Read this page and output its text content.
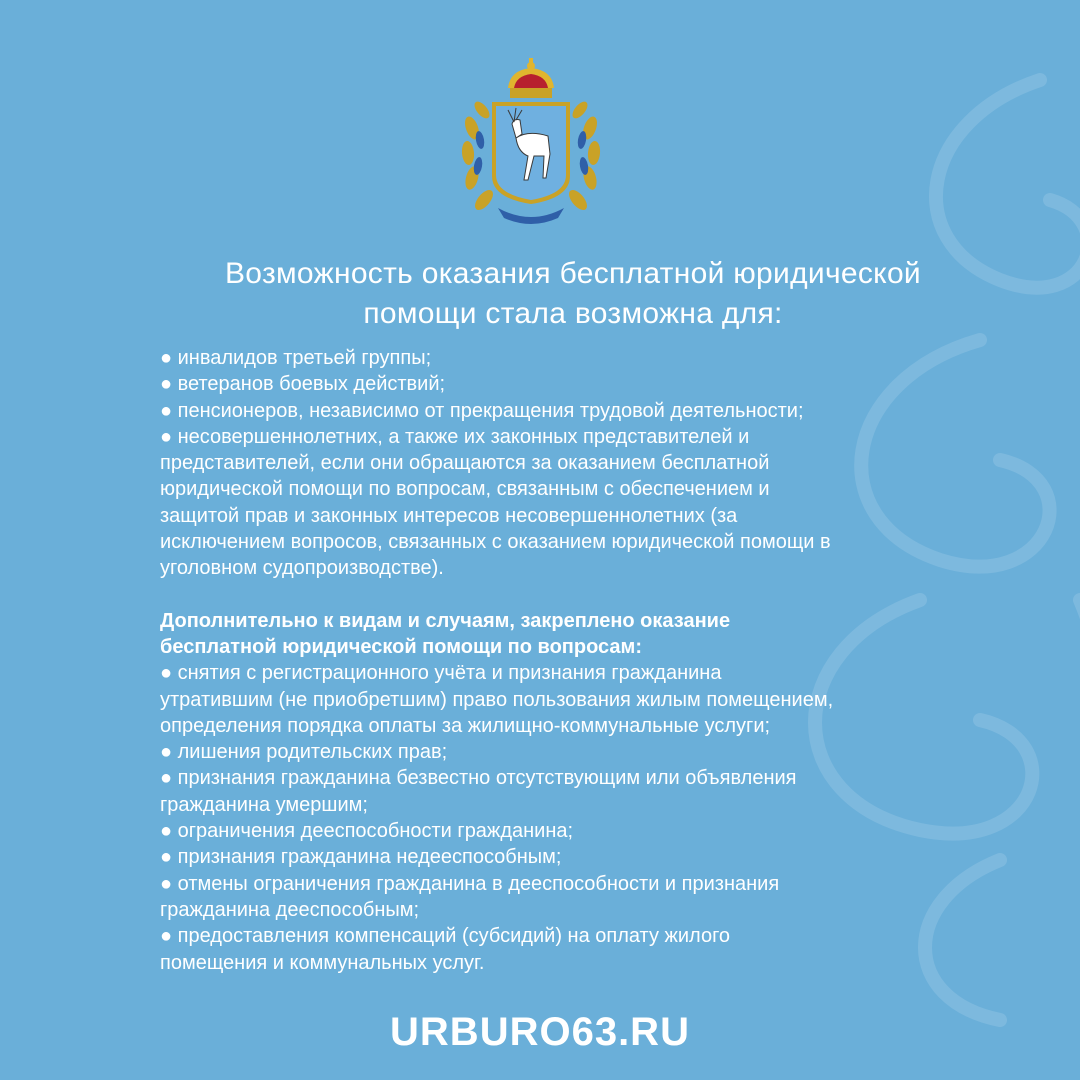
Возможность оказания бесплатной юридической
помощи стала возможна для:

● инвалидов третьей группы;

● ветеранов боевых действий;

● пенсионеров, независимо от прекращения трудовой деятельности;

● несовершеннолетних, а также их законных представителей и

представителей, если они обращаются за оказанием бесплатной

юридической помощи по вопросам, связанным с обеспечением и

защитой прав и законных интересов несовершеннолетних (за

исключением вопросов, связанных с оказанием юридической помощи в

уголовном судопроизводстве).

Дополнительно к видам и случаям, закреплено оказание

бесплатной юридической помощи по вопросам:

● снятия с регистрационного учёта и признания гражданина

утратившим (не приобретшим) право пользования жилым помещением,

определения порядка оплаты за жилищно-коммунальные услуги;

● лишения родительских прав;

● признания гражданина безвестно отсутствующим или объявления

гражданина умершим;

● ограничения дееспособности гражданина;

● признания гражданина недееспособным;

● отмены ограничения гражданина в дееспособности и признания

гражданина дееспособным;

● предоставления компенсаций (субсидий) на оплату жилого

помещения и коммунальных услуг.

URBURO63.RU
